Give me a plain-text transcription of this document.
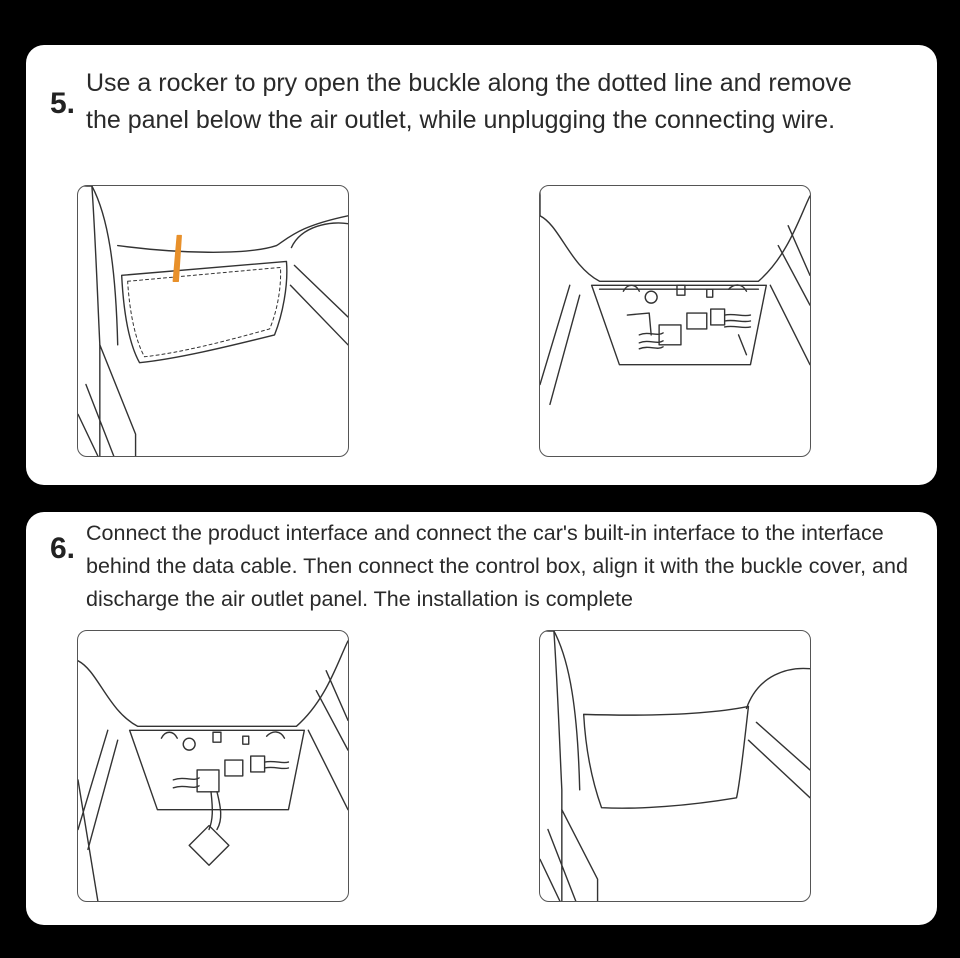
5.

Use a rocker to pry open the buckle along the dotted line and remove the panel below the air outlet, while unplugging the connecting wire.

6. Connect the product interface and connect the car's built-in interface to the interface behind the data cable. Then connect the control box, align it with the buckle cover, and discharge the air outlet panel. The installation is complete
